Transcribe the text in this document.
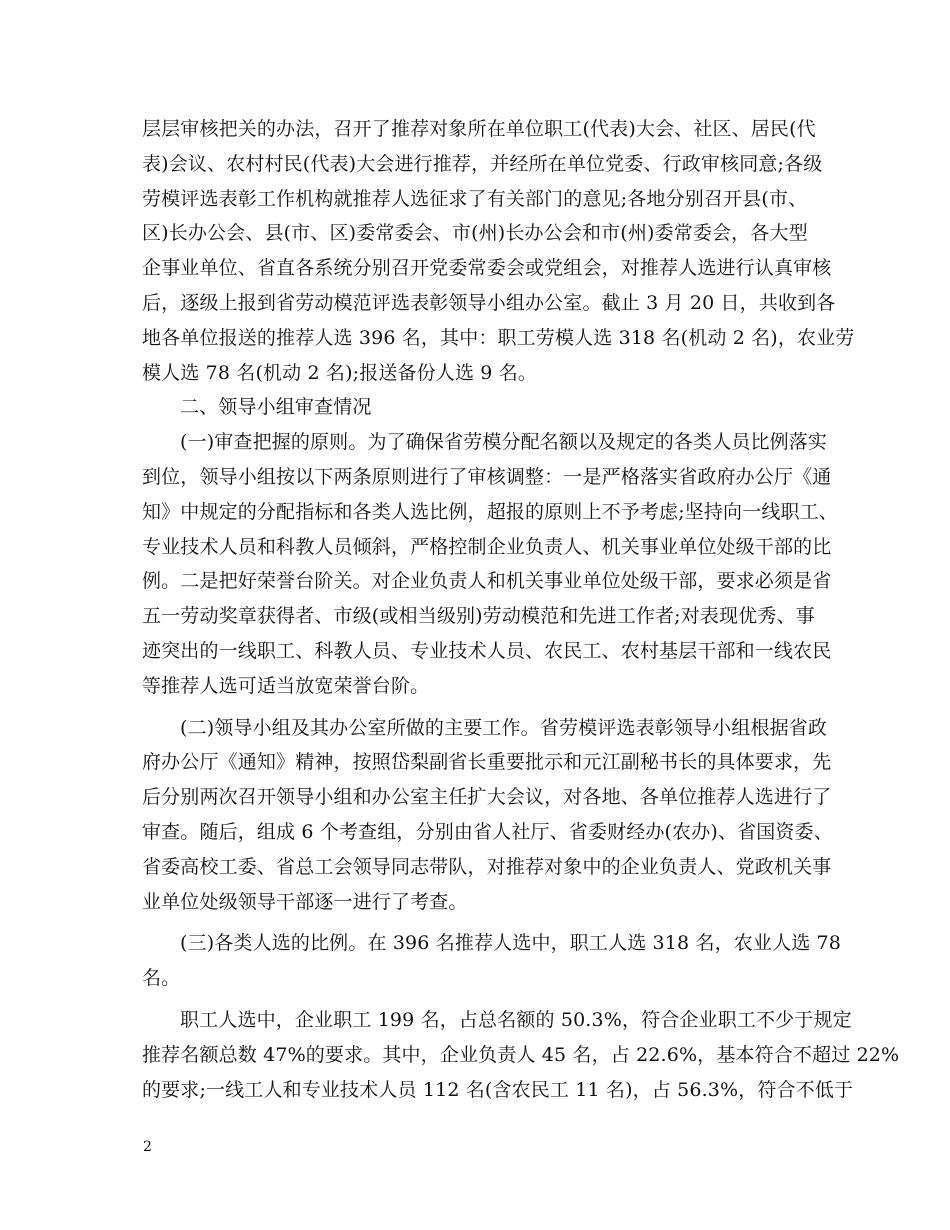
层层审核把关的办法，召开了推荐对象所在单位职工(代表)大会、社区、居民(代
表)会议、农村村民(代表)大会进行推荐，并经所在单位党委、行政审核同意;各级
劳模评选表彰工作机构就推荐人选征求了有关部门的意见;各地分别召开县(市、
区)长办公会、县(市、区)委常委会、市(州)长办公会和市(州)委常委会，各大型
企事业单位、省直各系统分别召开党委常委会或党组会，对推荐人选进行认真审核
后，逐级上报到省劳动模范评选表彰领导小组办公室。截止 3 月 20 日，共收到各
地各单位报送的推荐人选 396 名，其中：职工劳模人选 318 名(机动 2 名)，农业劳
模人选 78 名(机动 2 名);报送备份人选 9 名。
二、领导小组审查情况
(一)审查把握的原则。为了确保省劳模分配名额以及规定的各类人员比例落实
到位，领导小组按以下两条原则进行了审核调整：一是严格落实省政府办公厅《通
知》中规定的分配指标和各类人选比例，超报的原则上不予考虑;坚持向一线职工、
专业技术人员和科教人员倾斜，严格控制企业负责人、机关事业单位处级干部的比
例。二是把好荣誉台阶关。对企业负责人和机关事业单位处级干部，要求必须是省
五一劳动奖章获得者、市级(或相当级别)劳动模范和先进工作者;对表现优秀、事
迹突出的一线职工、科教人员、专业技术人员、农民工、农村基层干部和一线农民
等推荐人选可适当放宽荣誉台阶。
(二)领导小组及其办公室所做的主要工作。省劳模评选表彰领导小组根据省政
府办公厅《通知》精神，按照岱梨副省长重要批示和元江副秘书长的具体要求，先
后分别两次召开领导小组和办公室主任扩大会议，对各地、各单位推荐人选进行了
审查。随后，组成 6 个考查组，分别由省人社厅、省委财经办(农办)、省国资委、
省委高校工委、省总工会领导同志带队，对推荐对象中的企业负责人、党政机关事
业单位处级领导干部逐一进行了考查。
(三)各类人选的比例。在 396 名推荐人选中，职工人选 318 名，农业人选 78
名。
职工人选中，企业职工 199 名，占总名额的 50.3%，符合企业职工不少于规定
推荐名额总数 47%的要求。其中，企业负责人 45 名，占 22.6%，基本符合不超过 22%
的要求;一线工人和专业技术人员 112 名(含农民工 11 名)，占 56.3%，符合不低于
2
